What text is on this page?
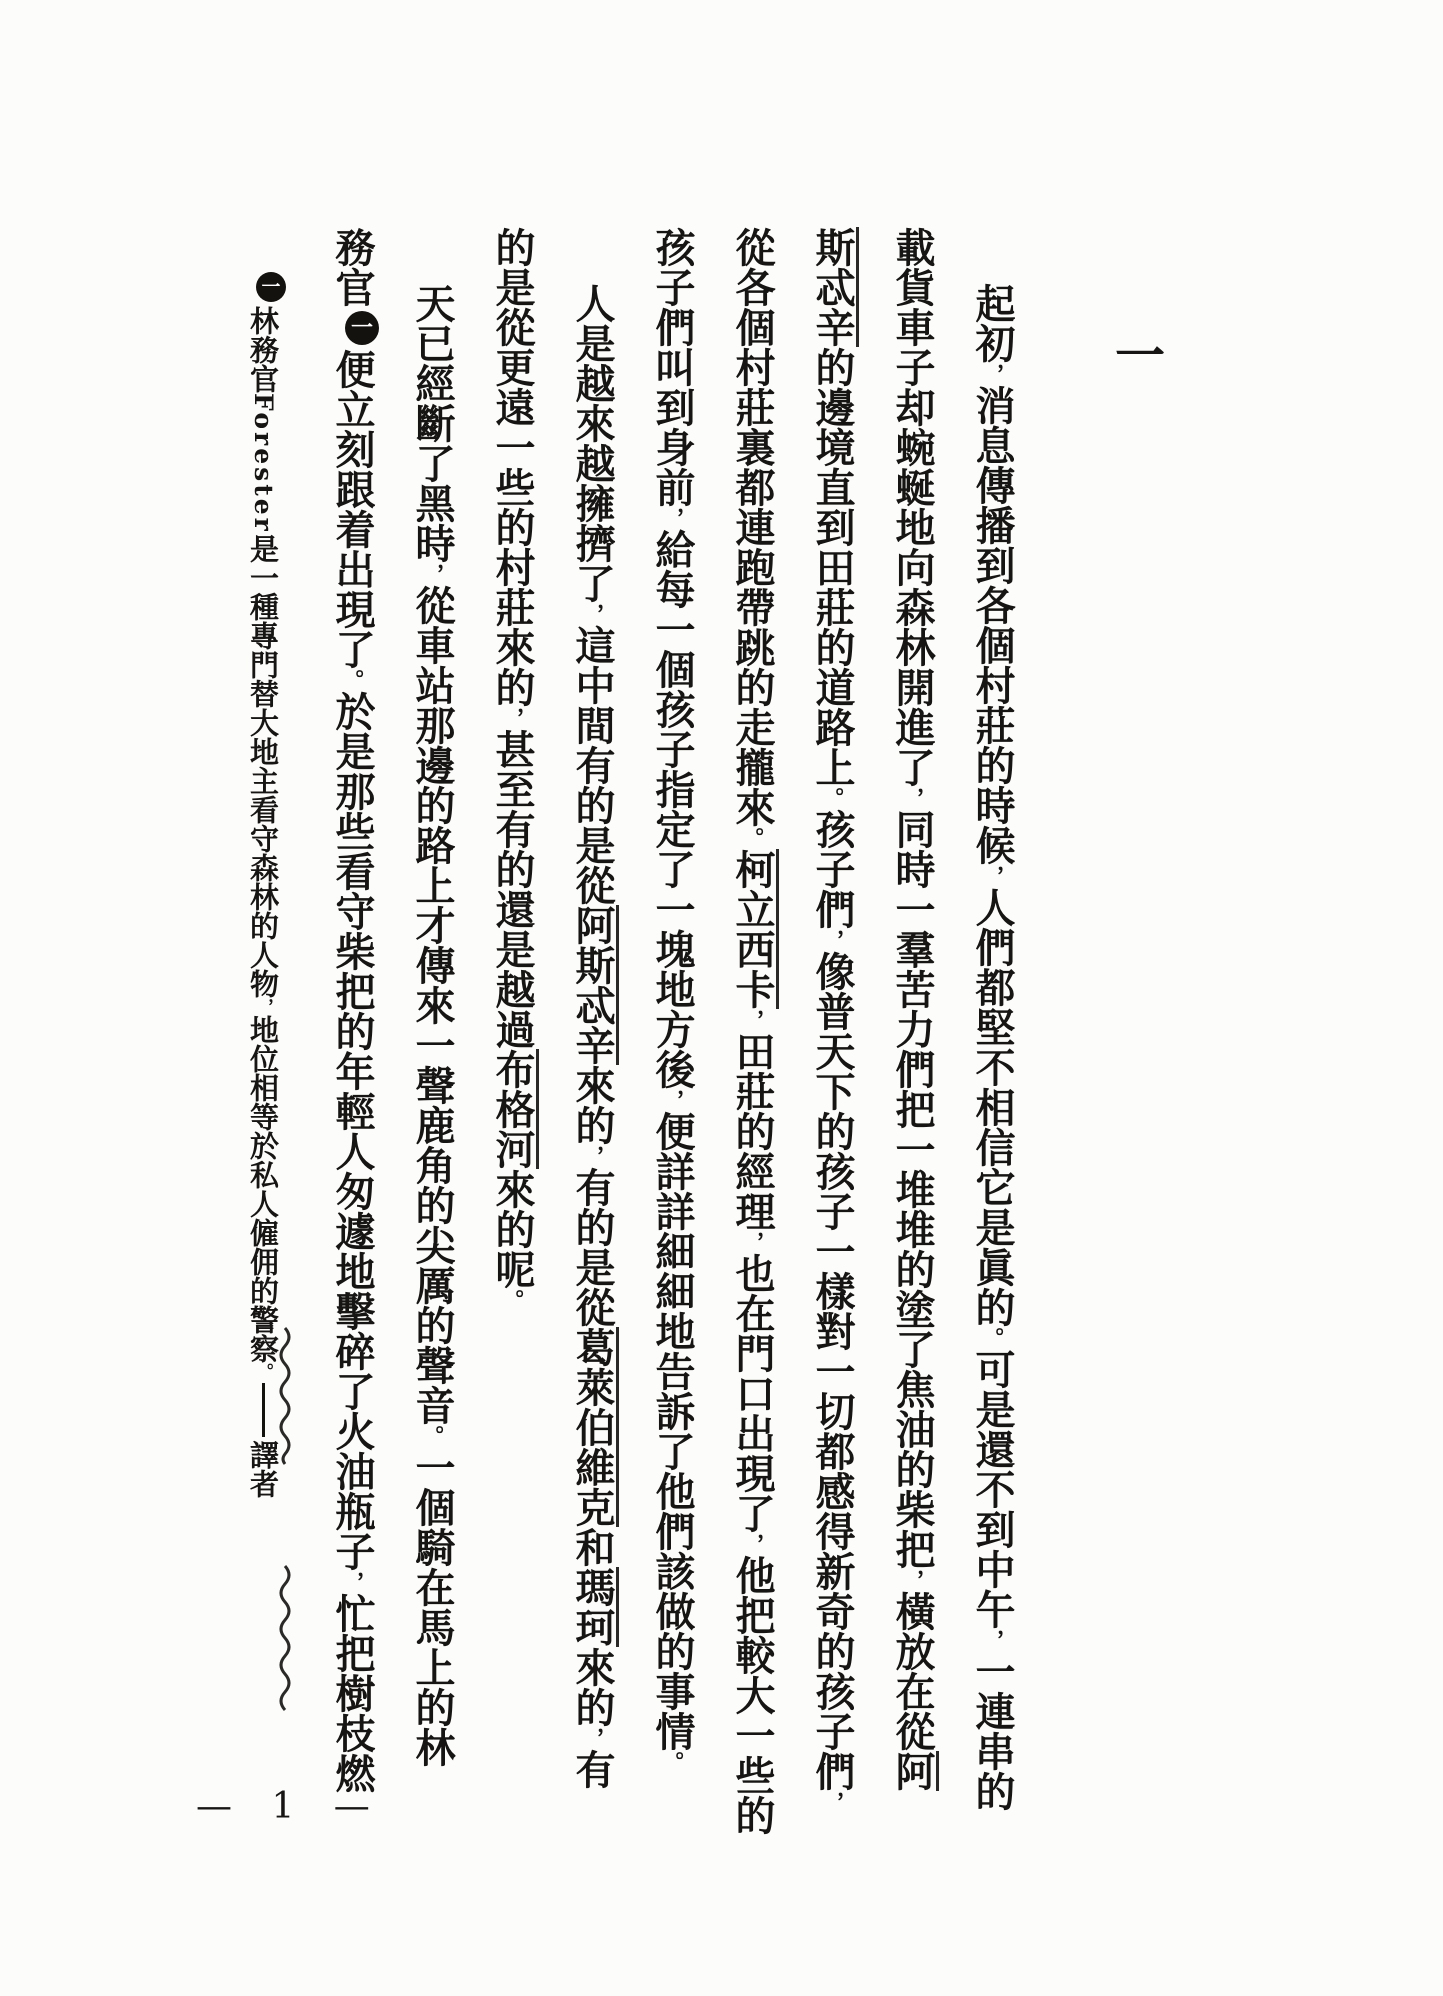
一
起初，消息傳播到各個村莊的時候，人們都堅不相信它是眞的。可是還不到中午，一連串的
載貨車子却蜿蜒地向森林開進了，同時一羣苦力們把一堆堆的塗了焦油的柴把，橫放在從阿
斯忒辛的邊境直到田莊的道路上。孩子們，像普天下的孩子一樣對一切都感得新奇的孩子們，
從各個村莊裏都連跑帶跳的走攏來。柯立西卡，田莊的經理，也在門口出現了，他把較大一些的
孩子們叫到身前，給每一個孩子指定了一塊地方後，便詳詳細細地告訴了他們該做的事情。
人是越來越擁擠了，這中間有的是從阿斯忒辛來的，有的是從葛萊伯維克和瑪珂來的，有
的是從更遠一些的村莊來的，甚至有的還是越過布格河來的呢。
天已經斷了黑時，從車站那邊的路上才傳來一聲鹿角的尖厲的聲音。一個騎在馬上的林
務官一便立刻跟着出現了。於是那些看守柴把的年輕人匆遽地擊碎了火油瓶子，忙把樹枝燃
一林務官Forester是一種專門替大地主看守森林的人物，地位相等於私人僱佣的警察。譯者
— 1 —
